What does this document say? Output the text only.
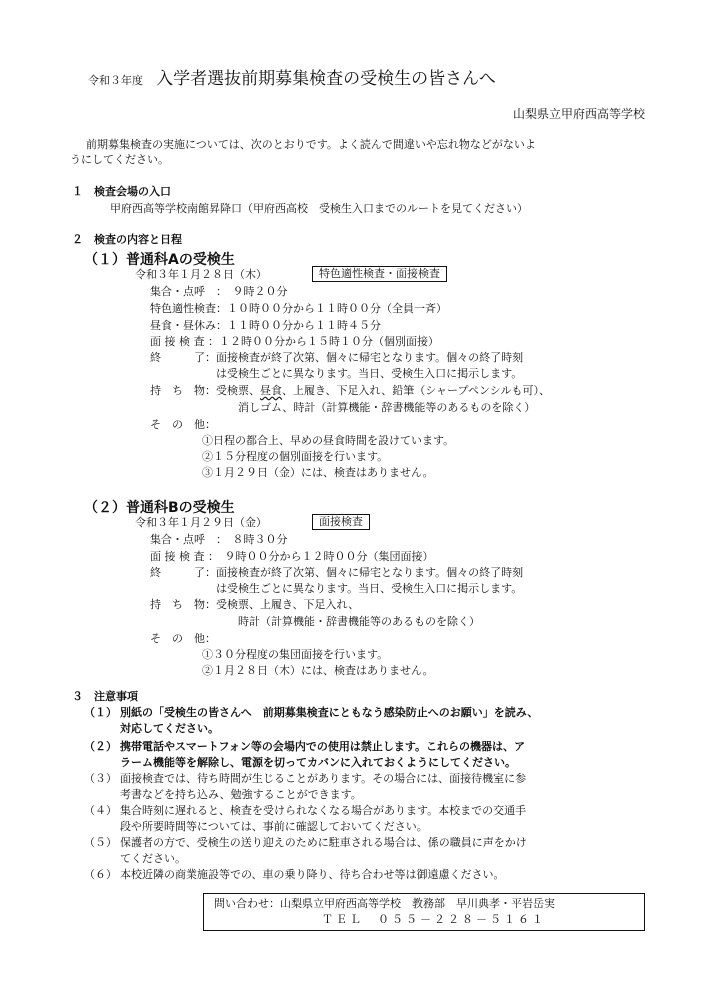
令和３年度 入学者選抜前期募集検査の受検生の皆さんへ
山梨県立甲府西高等学校
前期募集検査の実施については、次のとおりです。よく読んで間違いや忘れ物などがないよ
うにしてください。
１　検査会場の入口
甲府西高等学校南館昇降口（甲府西高校　受検生入口までのルートを見てください）
２　検査の内容と日程
（１）普通科Aの受検生
令和３年１月２８日（木）	特色適性検査・面接検査
集合・点呼　：　９時２０分
特色適性検査：１０時００分から１１時００分（全員一斉）
昼食・昼休み：１１時００分から１１時４５分
面 接 検 査 ：１２時００分から１５時１０分（個別面接）
終　　　了：面接検査が終了次第、個々に帰宅となります。個々の終了時刻
　　　　　　は受検生ごとに異なります。当日、受検生入口に掲示します。
持　ち　物：受検票、昼食、上履き、下足入れ、鉛筆（シャープペンシルも可）、
消しゴム、時計（計算機能・辞書機能等のあるものを除く）
そ　の　他：
①日程の都合上、早めの昼食時間を設けています。
②１５分程度の個別面接を行います。
③１月２９日（金）には、検査はありません。
（２）普通科Bの受検生
令和３年１月２９日（金）	面接検査
集合・点呼　：　８時３０分
面 接 検 査 ：　９時００分から１２時００分（集団面接）
終　　　了：面接検査が終了次第、個々に帰宅となります。個々の終了時刻
　　　　　　は受検生ごとに異なります。当日、受検生入口に掲示します。
持　ち　物：受検票、上履き、下足入れ、
時計（計算機能・辞書機能等のあるものを除く）
そ　の　他：
①３０分程度の集団面接を行います。
②１月２８日（木）には、検査はありません。
３　注意事項
（１） 別紙の「受検生の皆さんへ　前期募集検査にともなう感染防止へのお願い」を読み、
対応してください。
（２） 携帯電話やスマートフォン等の会場内での使用は禁止します。これらの機器は、ア
ラーム機能等を解除し、電源を切ってカバンに入れておくようにしてください。
（３） 面接検査では、待ち時間が生じることがあります。その場合には、面接待機室に参
考書などを持ち込み、勉強することができます。
（４） 集合時刻に遅れると、検査を受けられなくなる場合があります。本校までの交通手
段や所要時間等については、事前に確認しておいてください。
（５） 保護者の方で、受検生の送り迎えのために駐車される場合は、係の職員に声をかけ
てください。
（６） 本校近隣の商業施設等での、車の乗り降り、待ち合わせ等は御遠慮ください。
問い合わせ：山梨県立甲府西高等学校　教務部　早川典孝・平岩岳実
ＴＥＬ　０５５－２２８－５１６１
